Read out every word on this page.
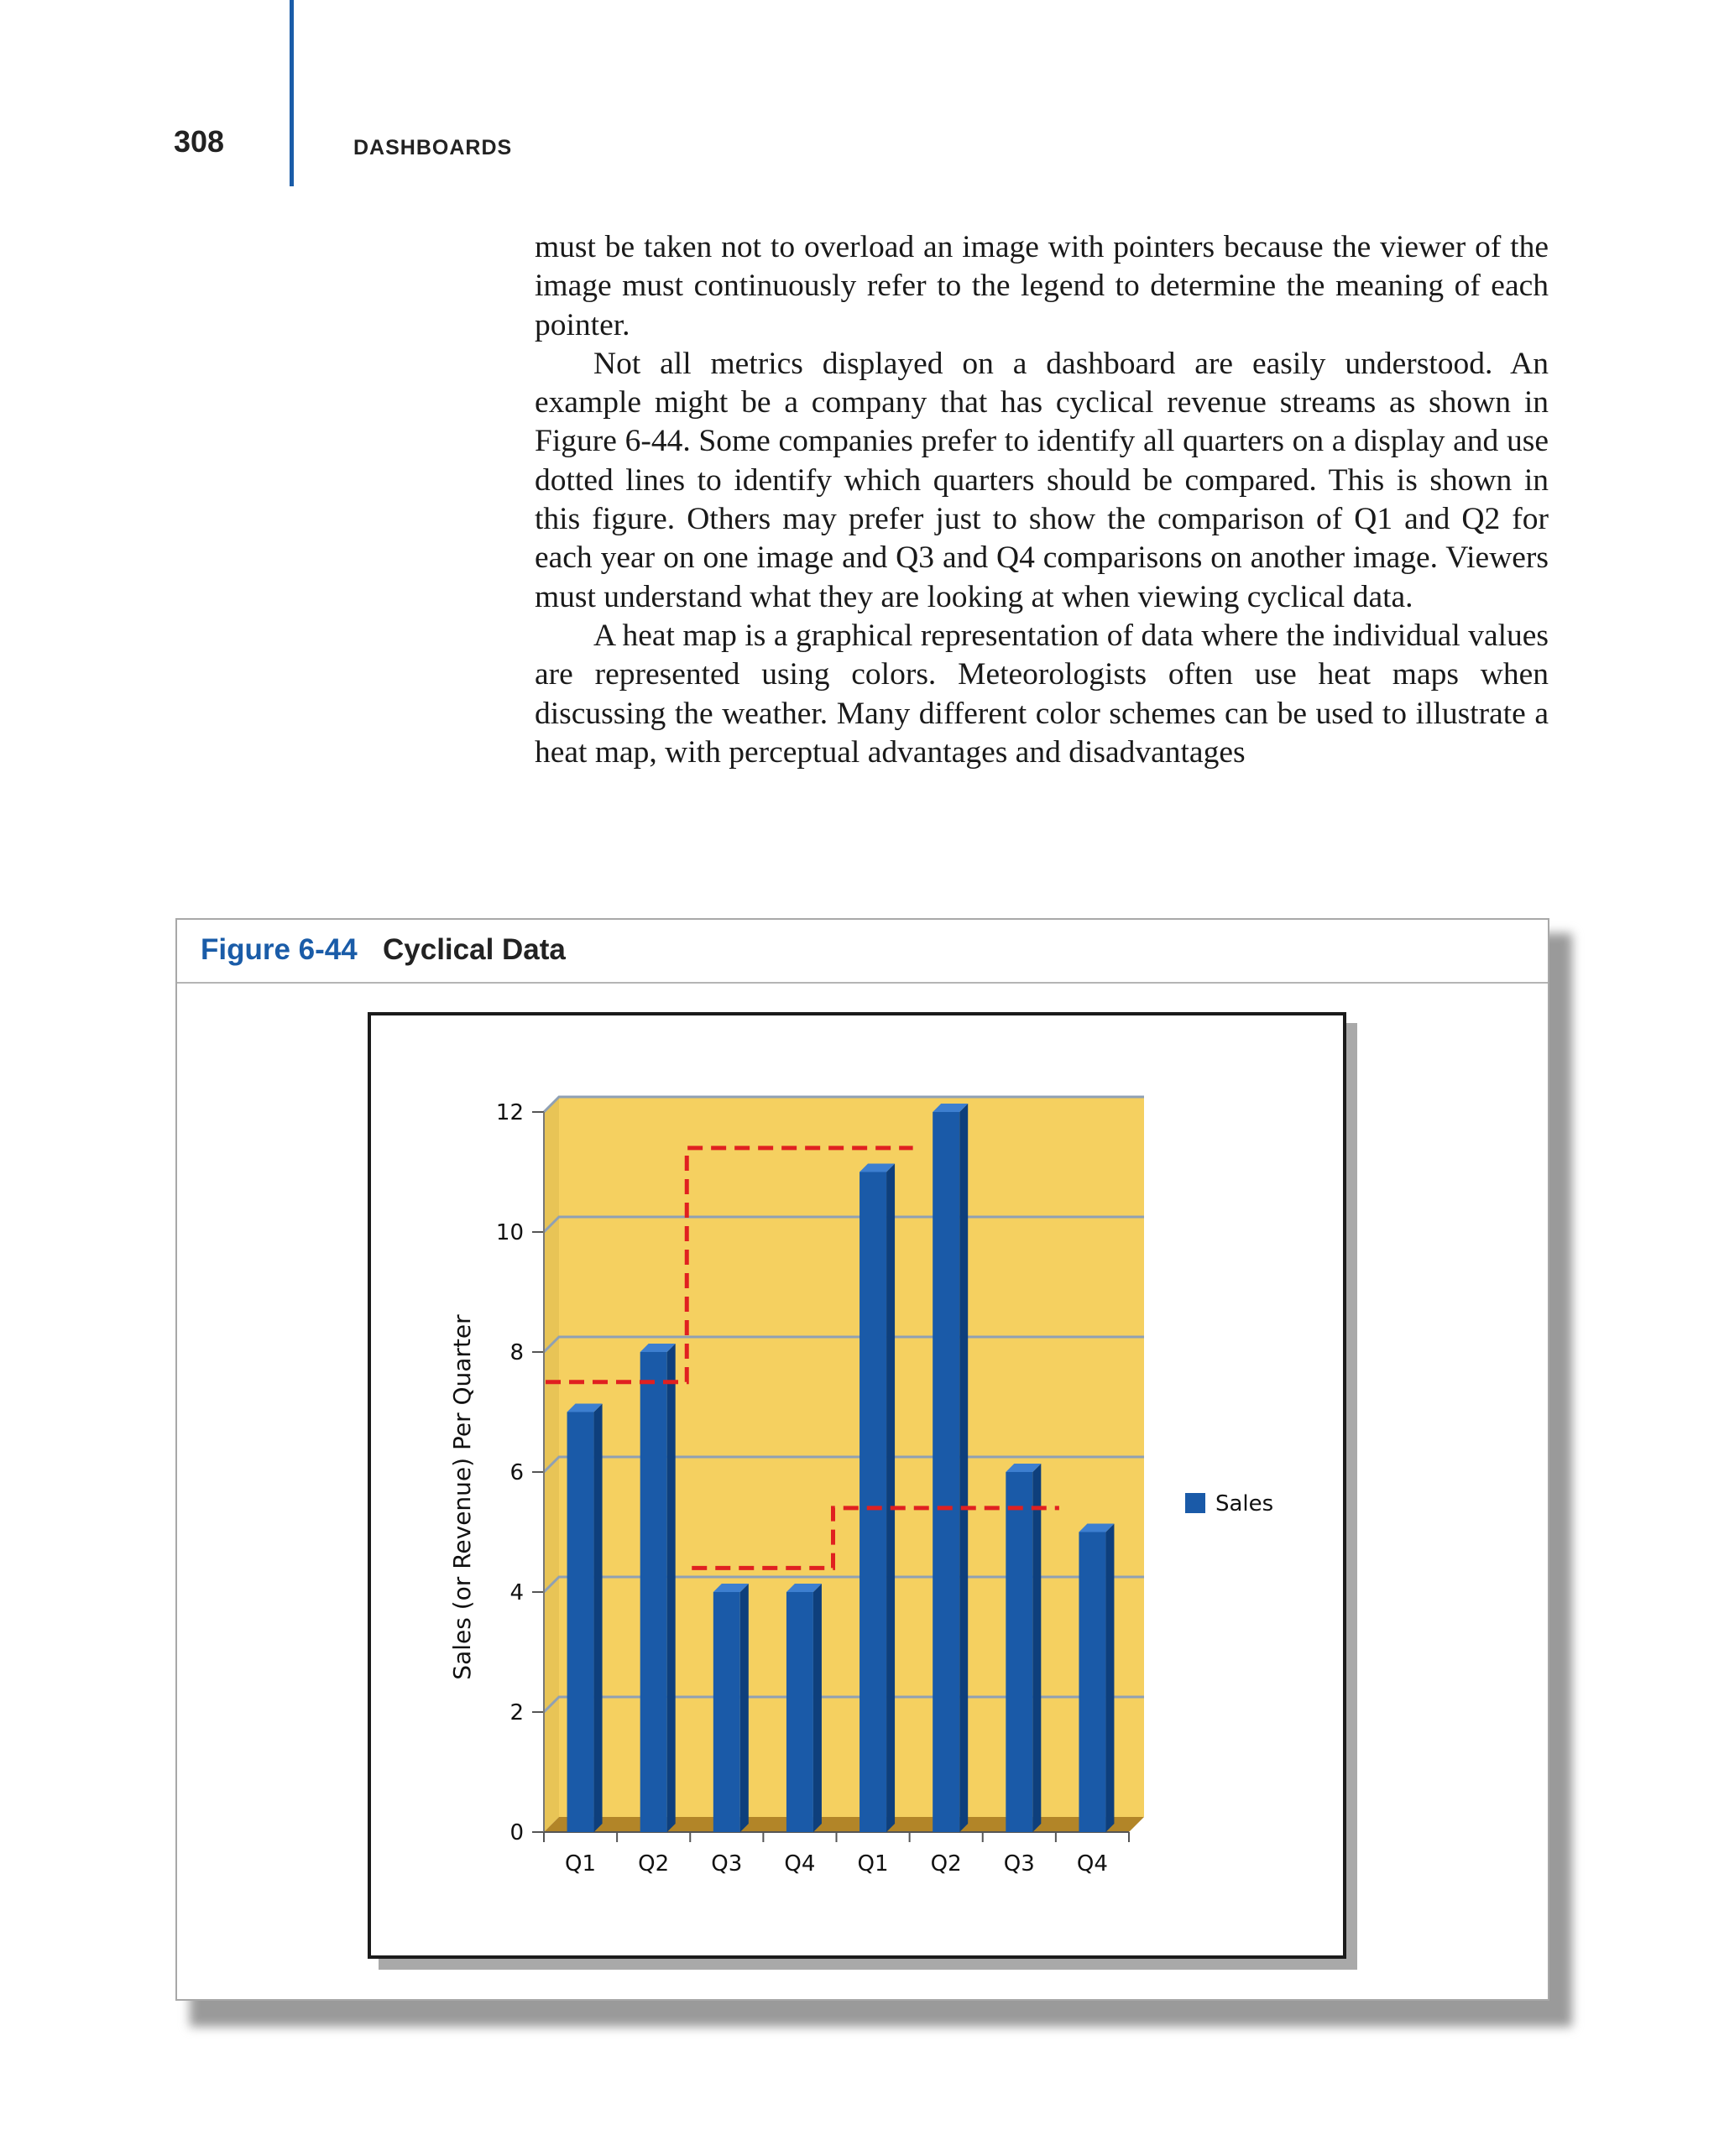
308	DASHBOARDS

must be taken not to overload an image with pointers because the viewer of the image must continuously refer to the legend to determine the meaning of each pointer.

Not all metrics displayed on a dashboard are easily understood. An example might be a company that has cyclical revenue streams as shown in Figure 6-44. Some companies prefer to identify all quarters on a display and use dotted lines to identify which quarters should be compared. This is shown in this figure. Others may prefer just to show the comparison of Q1 and Q2 for each year on one image and Q3 and Q4 comparisons on another image. Viewers must understand what they are looking at when viewing cyclical data.

A heat map is a graphical representation of data where the individual values are represented using colors. Meteorologists often use heat maps when discussing the weather. Many different color schemes can be used to illustrate a heat map, with perceptual advantages and disadvantages

Figure 6-44 Cyclical Data
0
2
4
6
8
10
12
Q1 Q2 Q3 Q4 Q1 Q2 Q3 Q4
Sales (or Revenue) Per Quarter	Sales
